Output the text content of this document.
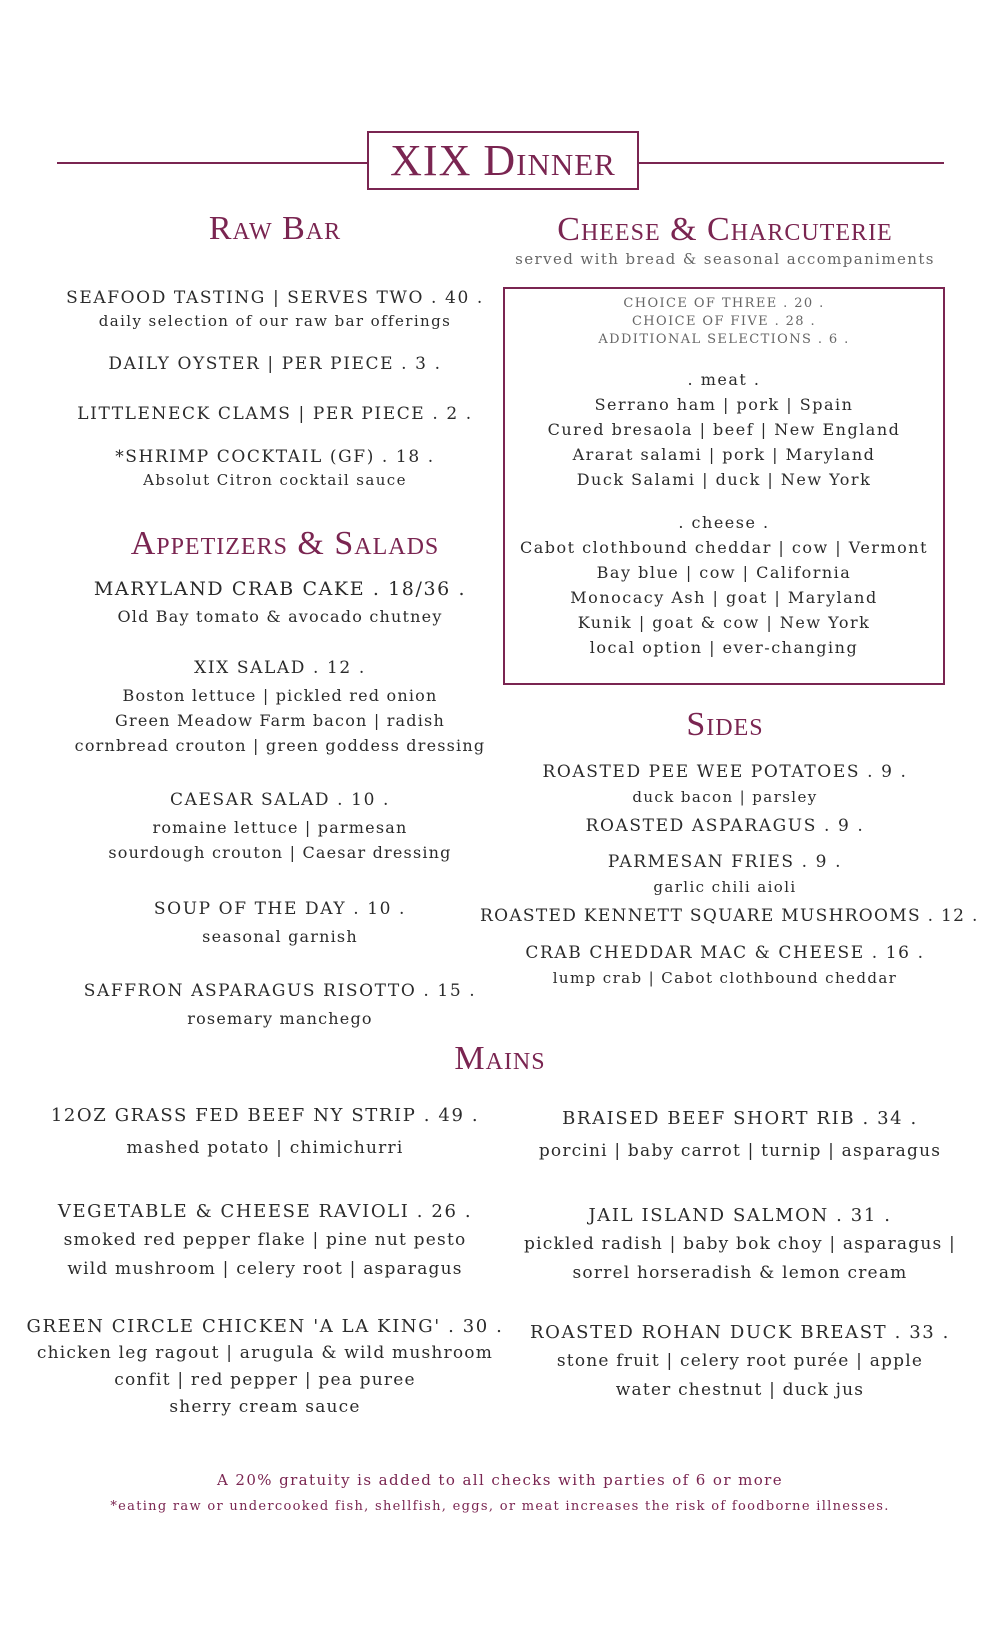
XIX Dinner
Raw Bar
SEAFOOD TASTING | SERVES TWO . 40 .
daily selection of our raw bar offerings
DAILY OYSTER | PER PIECE . 3 .
LITTLENECK CLAMS | PER PIECE . 2 .
*SHRIMP COCKTAIL (GF) . 18 .
Absolut Citron cocktail sauce
Cheese & Charcuterie
served with bread & seasonal accompaniments
CHOICE OF THREE . 20 .
CHOICE OF FIVE . 28 .
ADDITIONAL SELECTIONS . 6 .
. meat .
Serrano ham | pork | Spain
Cured bresaola | beef | New England
Ararat salami | pork | Maryland
Duck Salami | duck | New York
. cheese .
Cabot clothbound cheddar | cow | Vermont
Bay blue | cow | California
Monocacy Ash | goat | Maryland
Kunik | goat & cow | New York
local option | ever-changing
Appetizers & Salads
MARYLAND CRAB CAKE . 18/36 .
Old Bay tomato & avocado chutney
XIX SALAD . 12 .
Boston lettuce | pickled red onion
Green Meadow Farm bacon | radish
cornbread crouton | green goddess dressing
CAESAR SALAD . 10 .
romaine lettuce | parmesan
sourdough crouton | Caesar dressing
SOUP OF THE DAY . 10 .
seasonal garnish
SAFFRON ASPARAGUS RISOTTO . 15 .
rosemary manchego
Sides
ROASTED PEE WEE POTATOES . 9 .
duck bacon | parsley
ROASTED ASPARAGUS . 9 .
PARMESAN FRIES . 9 .
garlic chili aioli
ROASTED KENNETT SQUARE MUSHROOMS . 12 .
CRAB CHEDDAR MAC & CHEESE . 16 .
lump crab | Cabot clothbound cheddar
Mains
12OZ GRASS FED BEEF NY STRIP . 49 .
mashed potato | chimichurri
VEGETABLE & CHEESE RAVIOLI . 26 .
smoked red pepper flake | pine nut pesto
wild mushroom | celery root | asparagus
GREEN CIRCLE CHICKEN 'A LA KING' . 30 .
chicken leg ragout | arugula & wild mushroom
confit | red pepper | pea puree
sherry cream sauce
BRAISED BEEF SHORT RIB . 34 .
porcini | baby carrot | turnip | asparagus
JAIL ISLAND SALMON . 31 .
pickled radish | baby bok choy | asparagus |
sorrel horseradish & lemon cream
ROASTED ROHAN DUCK BREAST . 33 .
stone fruit | celery root purée | apple
water chestnut | duck jus
A 20% gratuity is added to all checks with parties of 6 or more
*eating raw or undercooked fish, shellfish, eggs, or meat increases the risk of foodborne illnesses.
